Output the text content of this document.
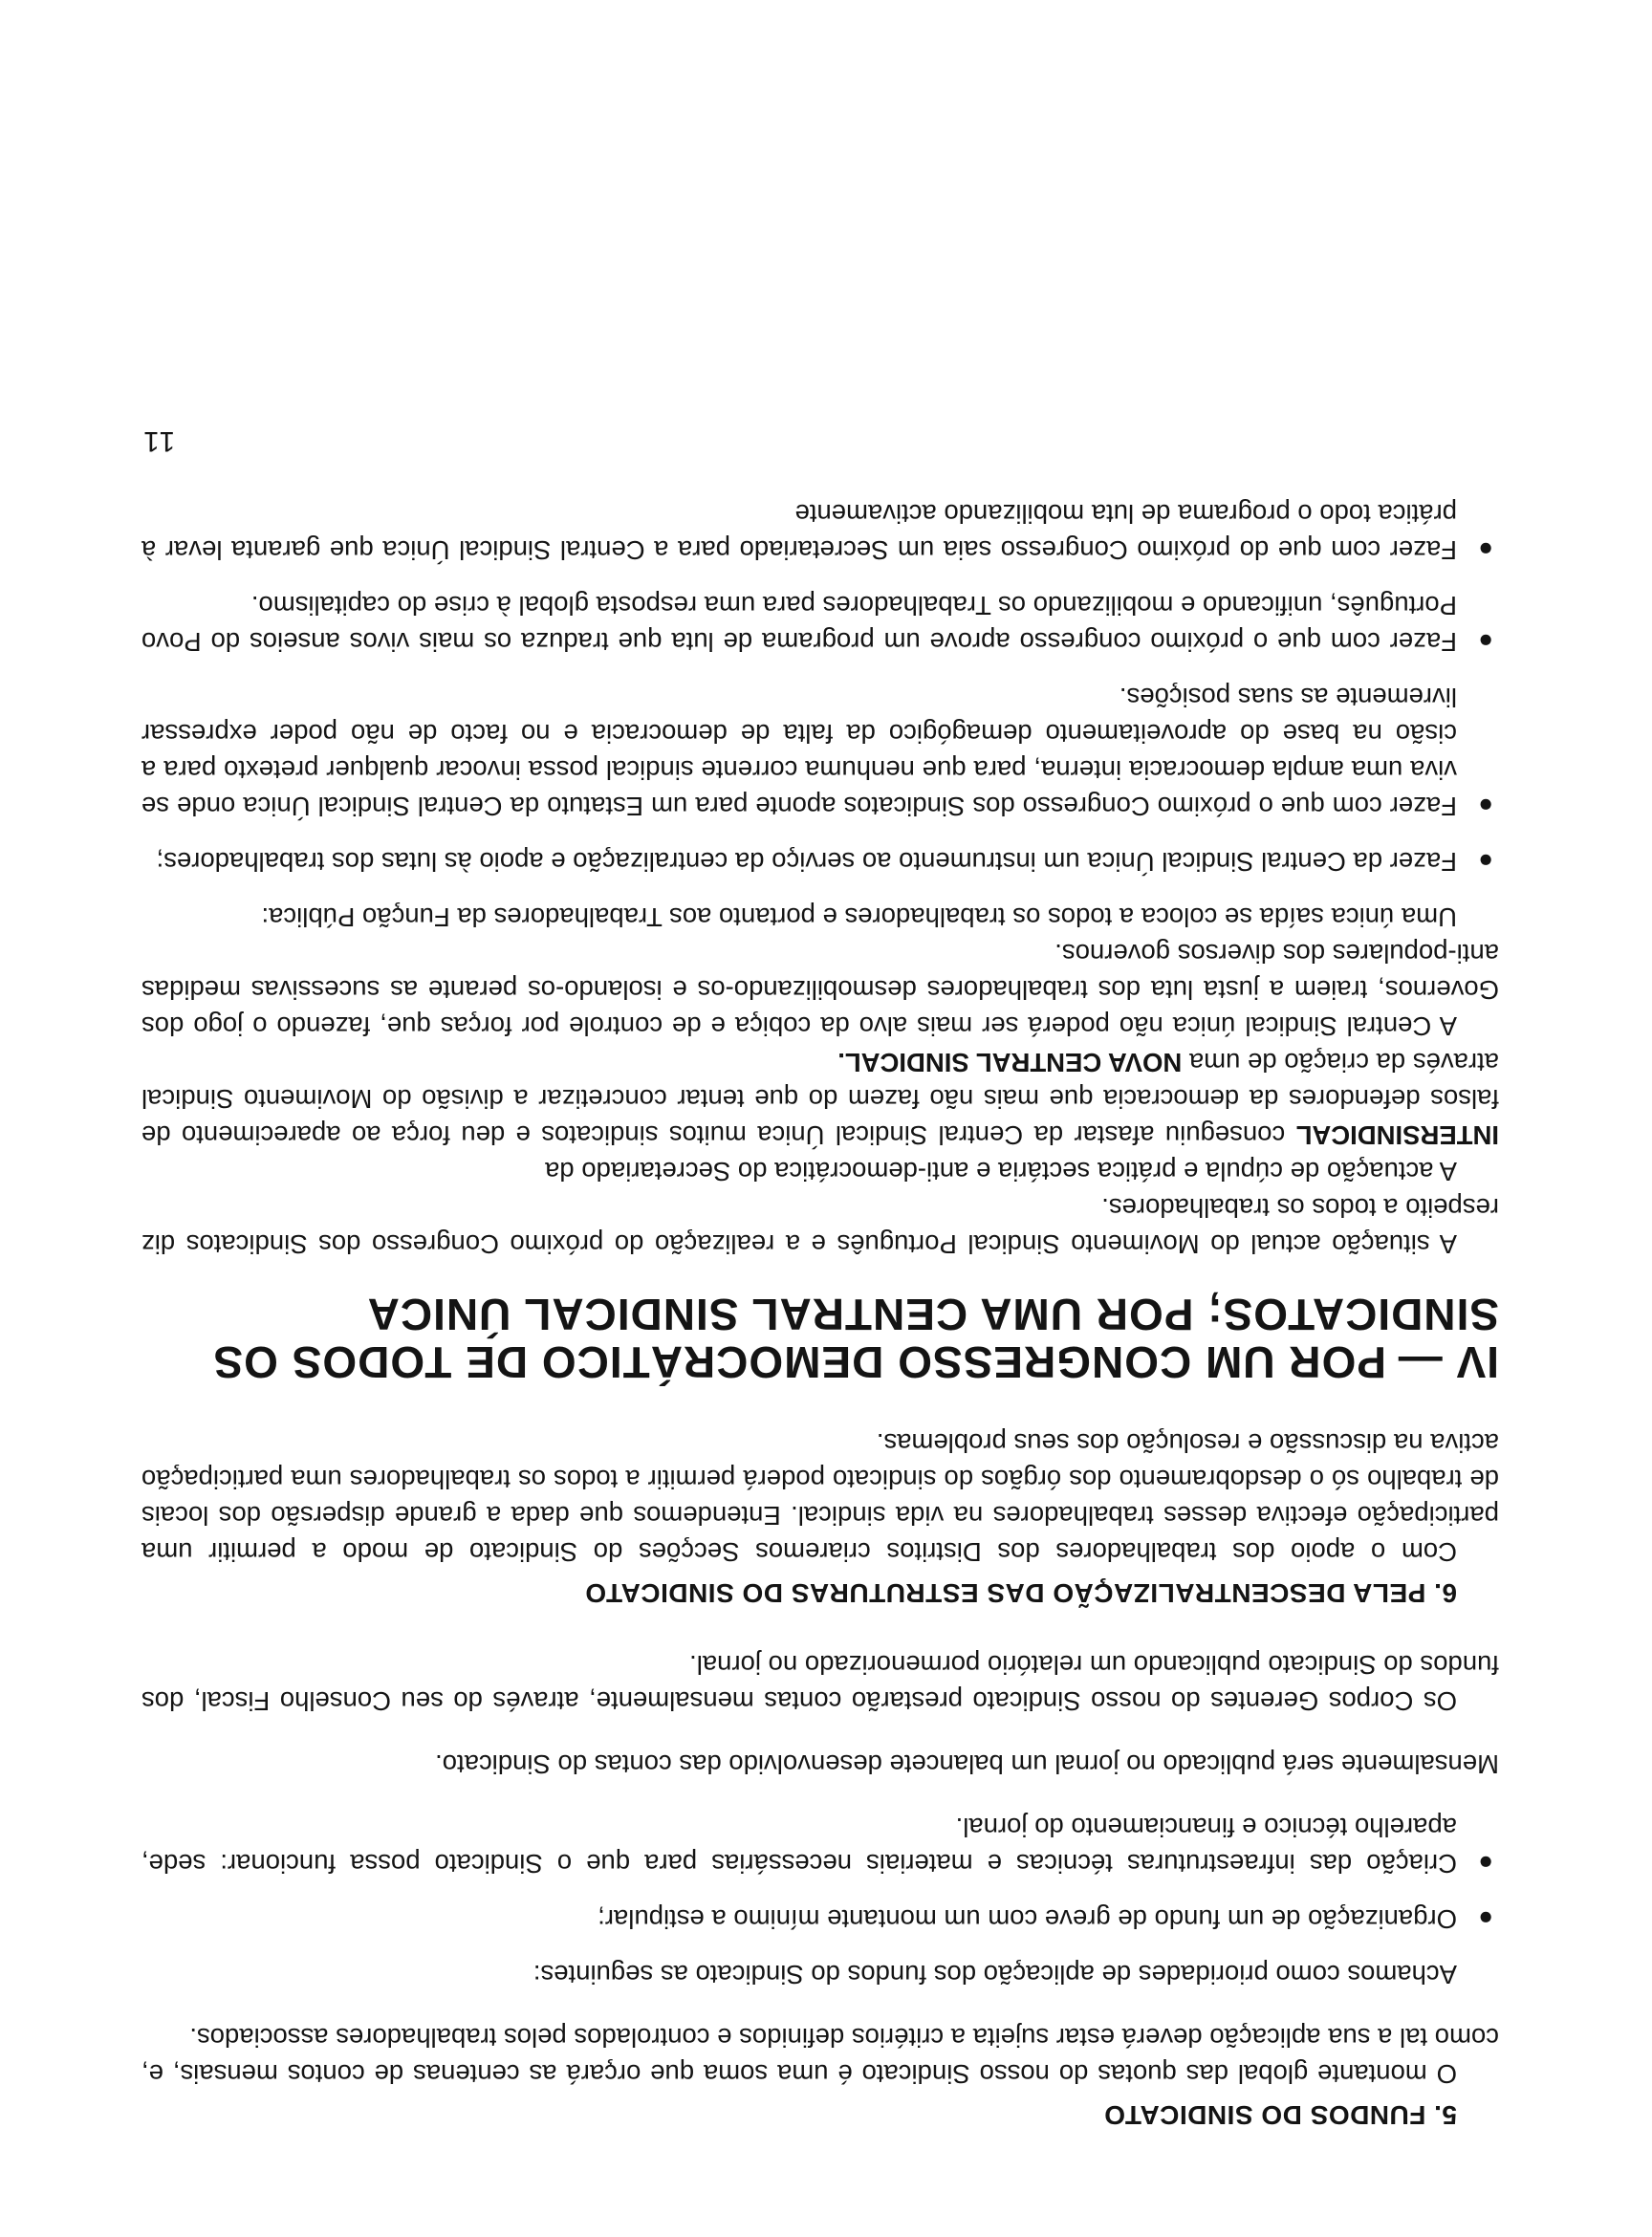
5. FUNDOS DO SINDICATO

O montante global das quotas do nosso Sindicato é uma soma que orçará as centenas de contos mensais, e, como tal a sua aplicação deverá estar sujeita a critérios definidos e controlados pelos trabalhadores associados.

Achamos como prioridades de aplicação dos fundos do Sindicato as seguintes:

●
Organização de um fundo de greve com um montante mínimo a estipular;
●
Criação das infraestruturas técnicas e materiais necessárias para que o Sindicato possa funcionar: sede, aparelho técnico e financiamento do jornal.

Mensalmente será publicado no jornal um balancete desenvolvido das contas do Sindicato.

Os Corpos Gerentes do nosso Sindicato prestarão contas mensalmente, através do seu Conselho Fiscal, dos fundos do Sindicato publicando um relatório pormenorizado no jornal.

6. PELA DESCENTRALIZAÇÃO DAS ESTRUTURAS DO SINDICATO

Com o apoio dos trabalhadores dos Distritos criaremos Secções do Sindicato de modo a permitir uma participação efectiva desses trabalhadores na vida sindical. Entendemos que dada a grande dispersão dos locais de trabalho só o desdobramento dos órgãos do sindicato poderá permitir a todos os trabalhadores uma participação activa na discussão e resolução dos seus problemas.

IV —POR UM CONGRESSO DEMOCRÁTICO DE TODOS OS SINDICATOS; POR UMA CENTRAL SINDICAL ÚNICA

A situação actual do Movimento Sindical Português e a realização do próximo Congresso dos Sindicatos diz respeito a todos os trabalhadores.

A actuação de cúpula e prática sectária e anti-democrática do Secretariado da
INTERSINDICAL conseguiu afastar da Central Sindical Única muitos sindicatos e deu força ao aparecimento de falsos defendores da democracia que mais não fazem do que tentar concretizar a divisão do Movimento Sindical através da criação de uma NOVA CENTRAL SINDICAL.

A Central Sindical única não poderá ser mais alvo da cobiça e de controle por forças que, fazendo o jogo dos Governos, traiem a justa luta dos trabalhadores desmobilizando-os e isolando-os perante as sucessivas medidas anti-populares dos diversos governos.

Uma única saída se coloca a todos os trabalhadores e portanto aos Trabalhadores da Função Pública:

●
Fazer da Central Sindical Única um instrumento ao serviço da centralização e apoio às lutas dos trabalhadores;
●
Fazer com que o próximo Congresso dos Sindicatos aponte para um Estatuto da Central Sindical Única onde se viva uma ampla democracia interna, para que nenhuma corrente sindical possa invocar qualquer pretexto para a cisão na base do aproveitamento demagógico da falta de democracia e no facto de não poder expressar livremente as suas posições.
●
Fazer com que o próximo congresso aprove um programa de luta que traduza os mais vivos anseios do Povo Português, unificando e mobilizando os Trabalhadores para uma resposta global à crise do capitalismo.
●
Fazer com que do próximo Congresso saia um Secretariado para a Central Sindical Única que garanta levar à prática todo o programa de luta mobilizando activamente
11
